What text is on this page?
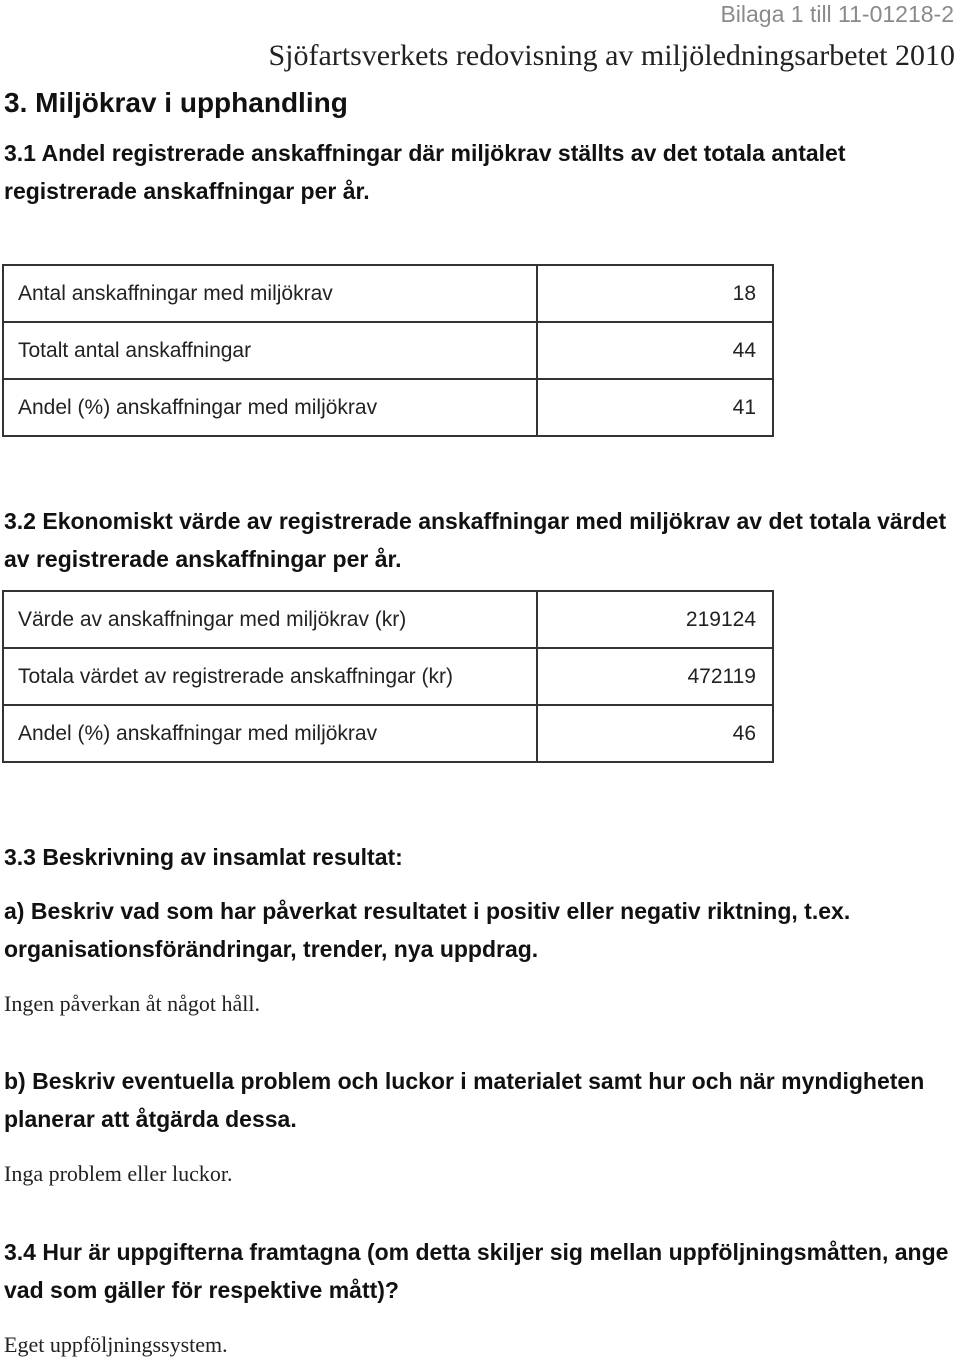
Bilaga 1 till 11-01218-2
Sjöfartsverkets redovisning av miljöledningsarbetet 2010
3. Miljökrav i upphandling

3.1 Andel registrerade anskaffningar där miljökrav ställts av det totala antalet registrerade anskaffningar per år.

Antal anskaffningar med miljökrav	18
Totalt antal anskaffningar	44
Andel (%) anskaffningar med miljökrav	41

3.2 Ekonomiskt värde av registrerade anskaffningar med miljökrav av det totala värdet av registrerade anskaffningar per år.

Värde av anskaffningar med miljökrav (kr)	219124
Totala värdet av registrerade anskaffningar (kr)	472119
Andel (%) anskaffningar med miljökrav	46

3.3 Beskrivning av insamlat resultat:

a) Beskriv vad som har påverkat resultatet i positiv eller negativ riktning, t.ex. organisationsförändringar, trender, nya uppdrag.

Ingen påverkan åt något håll.

b) Beskriv eventuella problem och luckor i materialet samt hur och när myndigheten planerar att åtgärda dessa.

Inga problem eller luckor.

3.4 Hur är uppgifterna framtagna (om detta skiljer sig mellan uppföljningsmåtten, ange vad som gäller för respektive mått)?

Eget uppföljningssystem.
